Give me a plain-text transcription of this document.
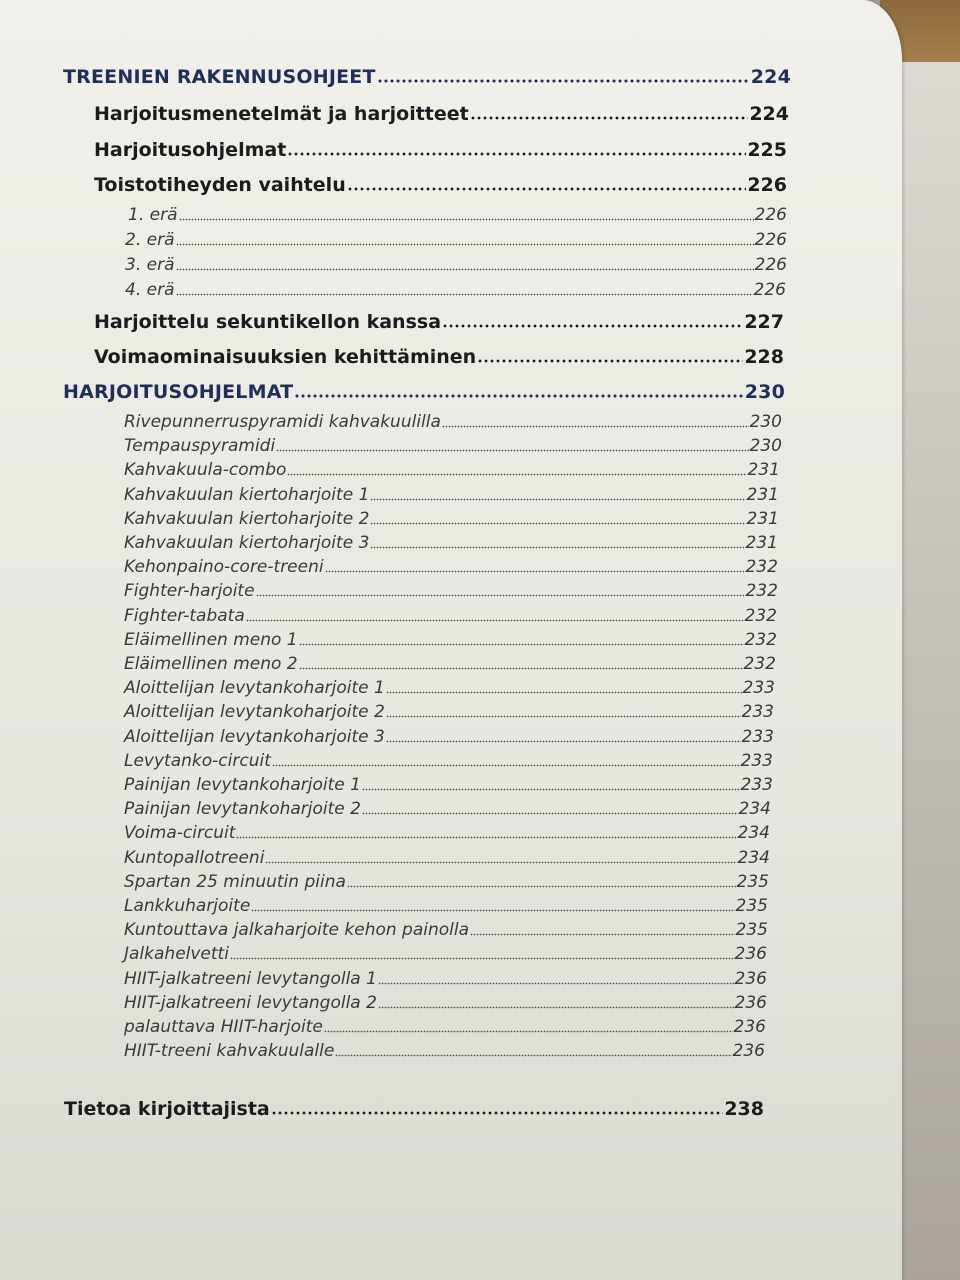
TREENIEN RAKENNUSOHJEET	224
Harjoitusmenetelmät ja harjoitteet	224
Harjoitusohjelmat	225
Toistotiheyden vaihtelu	226
1. erä	226
2. erä	226
3. erä	226
4. erä	226
Harjoittelu sekuntikellon kanssa	227
Voimaominaisuuksien kehittäminen	228
HARJOITUSOHJELMAT	230
Rivepunnerruspyramidi kahvakuulilla	230
Tempauspyramidi	230
Kahvakuula-combo	231
Kahvakuulan kiertoharjoite 1	231
Kahvakuulan kiertoharjoite 2	231
Kahvakuulan kiertoharjoite 3	231
Kehonpaino-core-treeni	232
Fighter-harjoite	232
Fighter-tabata	232
Eläimellinen meno 1	232
Eläimellinen meno 2	232
Aloittelijan levytankoharjoite 1	233
Aloittelijan levytankoharjoite 2	233
Aloittelijan levytankoharjoite 3	233
Levytanko-circuit	233
Painijan levytankoharjoite 1	233
Painijan levytankoharjoite 2	234
Voima-circuit	234
Kuntopallotreeni	234
Spartan 25 minuutin piina	235
Lankkuharjoite	235
Kuntouttava jalkaharjoite kehon painolla	235
Jalkahelvetti	236
HIIT-jalkatreeni levytangolla 1	236
HIIT-jalkatreeni levytangolla 2	236
palauttava HIIT-harjoite	236
HIIT-treeni kahvakuulalle	236
Tietoa kirjoittajista	238
